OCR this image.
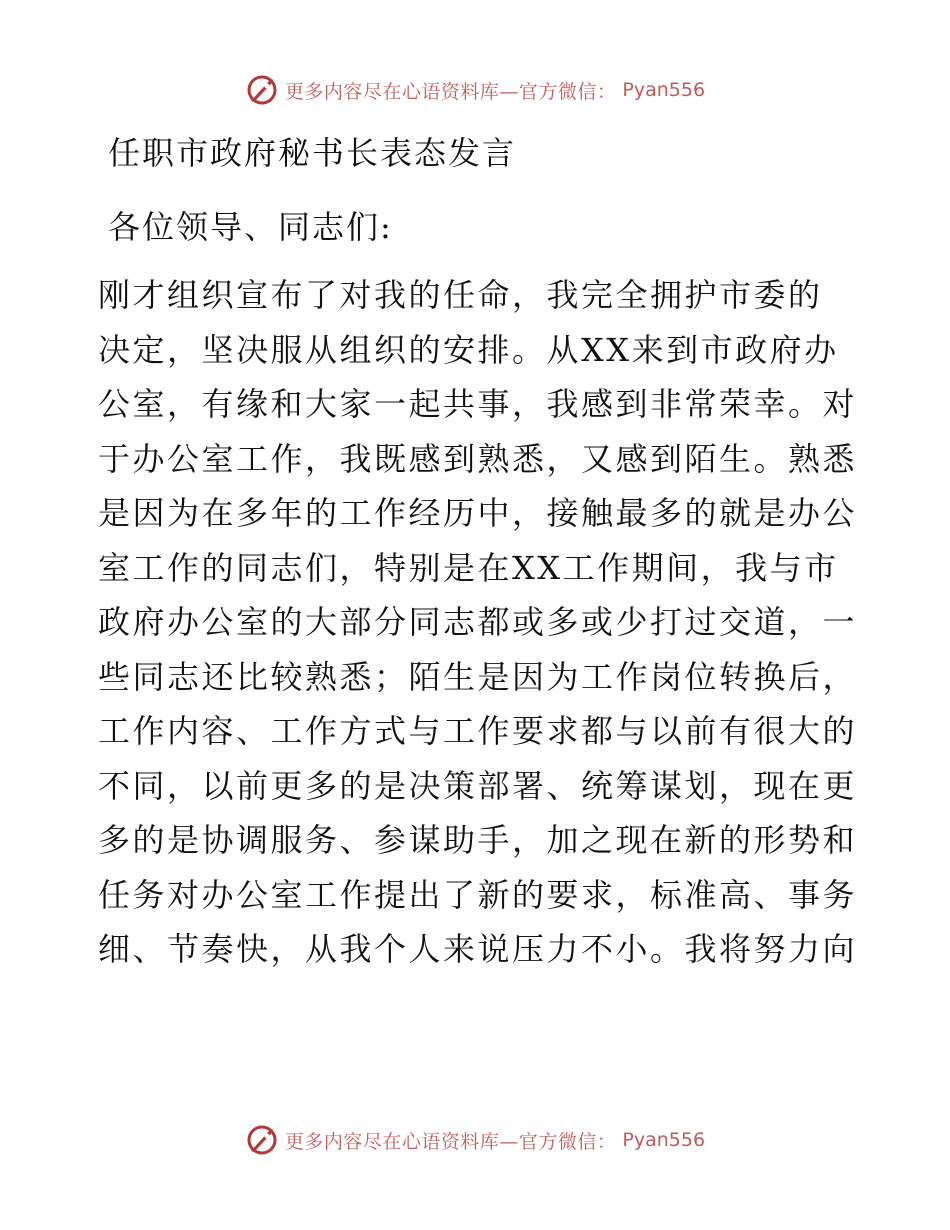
更多内容尽在心语资料库—官方微信： Pyan556
任职市政府秘书长表态发言
各位领导、同志们:
刚才组织宣布了对我的任命，我完全拥护市委的
决定，坚决服从组织的安排。从XX来到市政府办
公室，有缘和大家一起共事，我感到非常荣幸。对
于办公室工作，我既感到熟悉，又感到陌生。熟悉
是因为在多年的工作经历中，接触最多的就是办公
室工作的同志们，特别是在XX工作期间，我与市
政府办公室的大部分同志都或多或少打过交道，一
些同志还比较熟悉；陌生是因为工作岗位转换后，
工作内容、工作方式与工作要求都与以前有很大的
不同，以前更多的是决策部署、统筹谋划，现在更
多的是协调服务、参谋助手，加之现在新的形势和
任务对办公室工作提出了新的要求，标准高、事务
细、节奏快，从我个人来说压力不小。我将努力向
更多内容尽在心语资料库—官方微信： Pyan556
